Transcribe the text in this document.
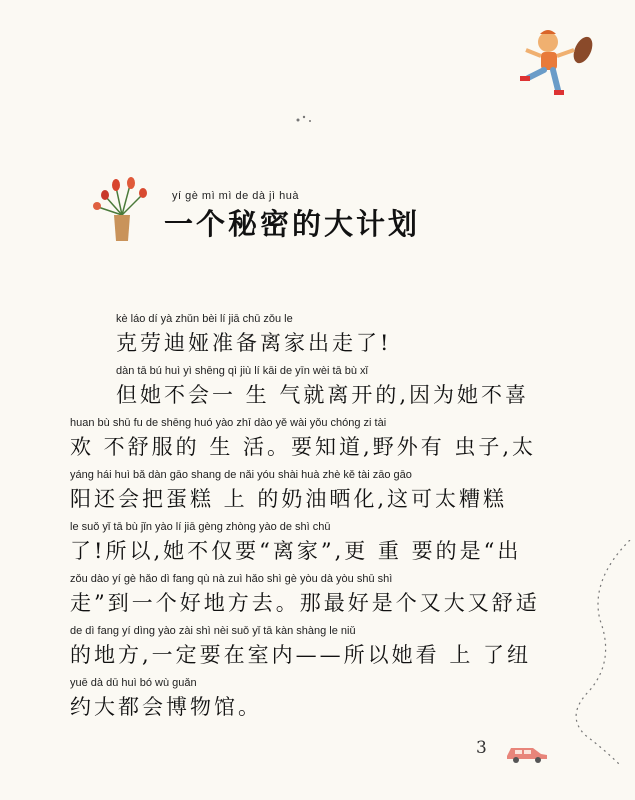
yí gè mì mì de dà jì huà
一个秘密的大计划
kè láo dí yà zhǔn bèi lí jiā chū zǒu le
克劳迪娅准备离家出走了!
dàn tā bú huì yì shēng qì jiù lí kāi de yīn wèi tā bù xǐ
但她不会一 生 气就离开的,因为她不喜
huan bù shū fu de shēng huó yào zhī dào yě wài yǒu chóng zi tài
欢 不舒服的 生 活。要知道,野外有 虫子,太
yáng hái huì bǎ dàn gāo shang de nǎi yóu shài huà zhè kě tài zāo gāo
阳还会把蛋糕 上 的奶油晒化,这可太糟糕
le suǒ yǐ tā bù jǐn yào lí jiā gèng zhòng yào de shì chū
了!所以,她不仅要“离家”,更 重 要的是“出
zǒu dào yí gè hǎo dì fang qù nà zuì hǎo shì gè yòu dà yòu shū shì
走”到一个好地方去。那最好是个又大又舒适
de dì fang yí dìng yào zài shì nèi suǒ yǐ tā kàn shàng le niǔ
的地方,一定要在室内——所以她看 上 了纽
yuē dà dū huì bó wù guǎn
约大都会博物馆。
3
